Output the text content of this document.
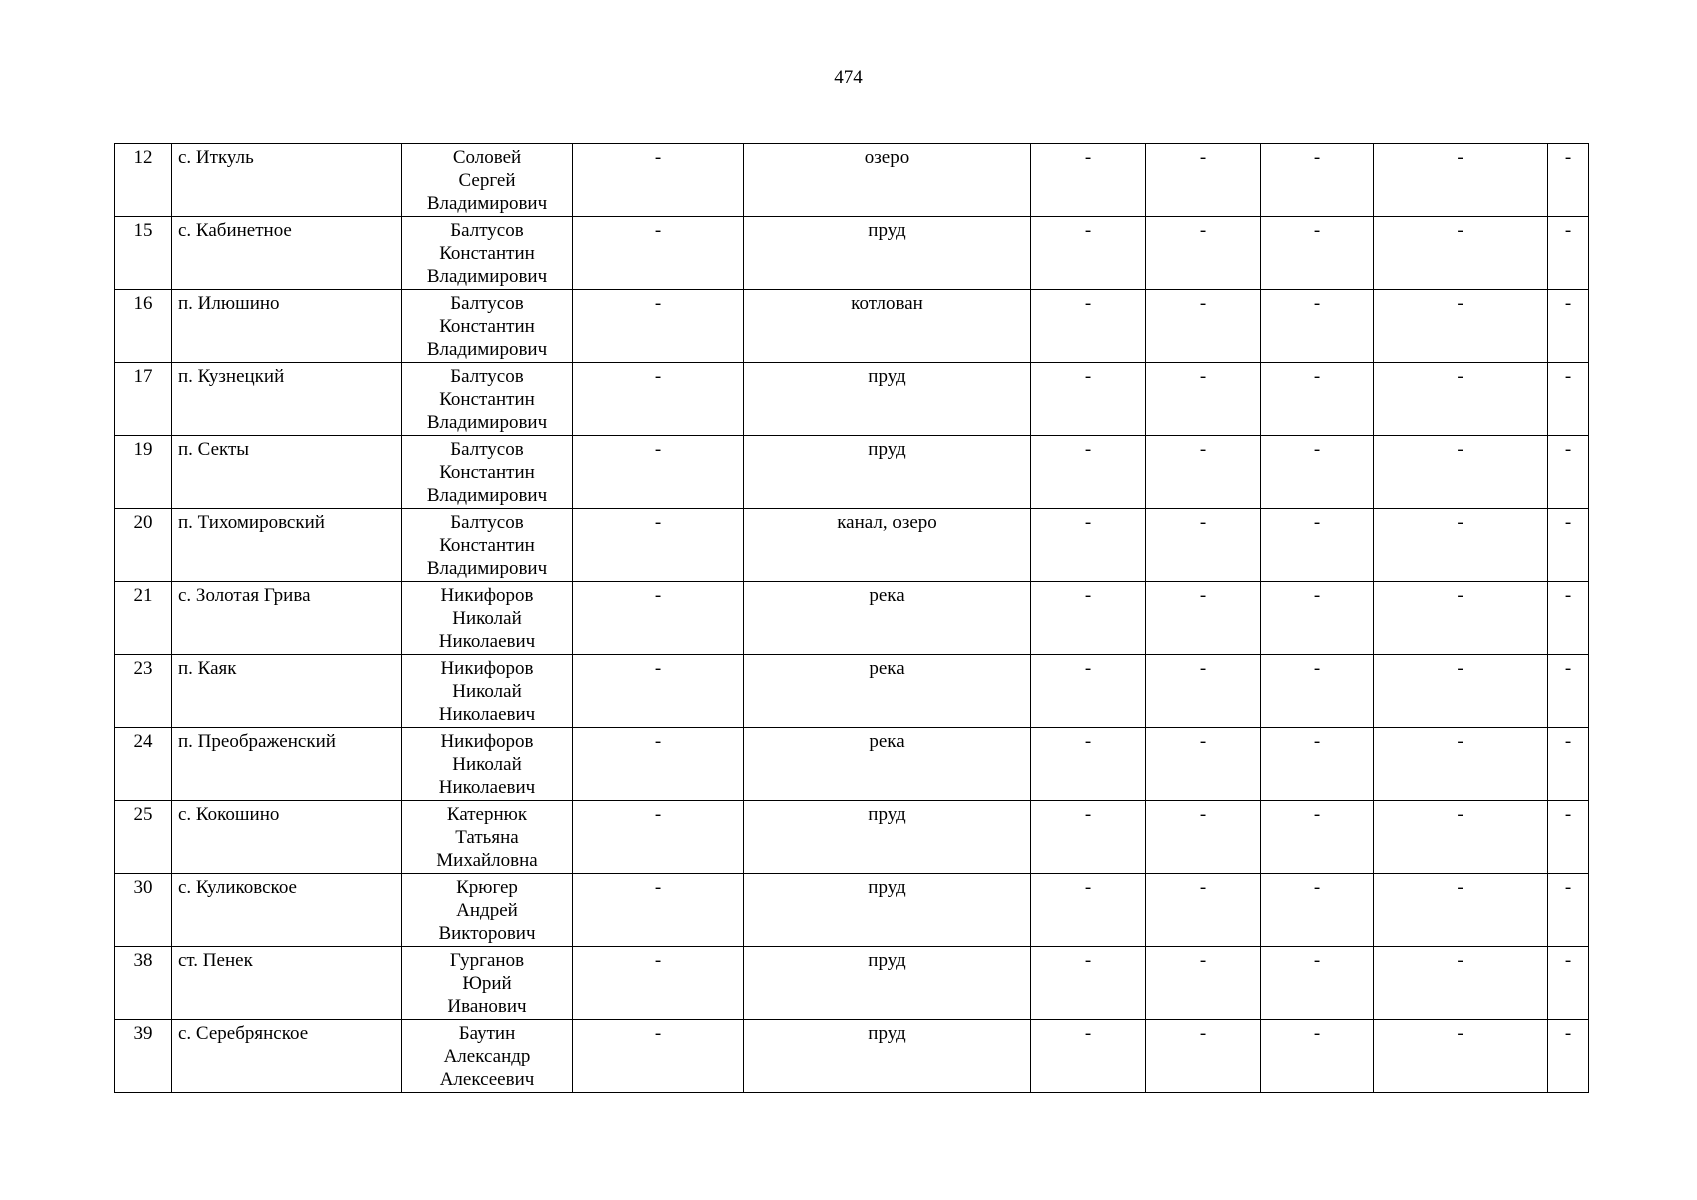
474
12	с. Иткуль	Соловей
Сергей
Владимирович	-	озеро	-	-	-	-	-
15	с. Кабинетное	Балтусов
Константин
Владимирович	-	пруд	-	-	-	-	-
16	п. Илюшино	Балтусов
Константин
Владимирович	-	котлован	-	-	-	-	-
17	п. Кузнецкий	Балтусов
Константин
Владимирович	-	пруд	-	-	-	-	-
19	п. Секты	Балтусов
Константин
Владимирович	-	пруд	-	-	-	-	-
20	п. Тихомировский	Балтусов
Константин
Владимирович	-	канал, озеро	-	-	-	-	-
21	с. Золотая Грива	Никифоров
Николай
Николаевич	-	река	-	-	-	-	-
23	п. Каяк	Никифоров
Николай
Николаевич	-	река	-	-	-	-	-
24	п. Преображенский	Никифоров
Николай
Николаевич	-	река	-	-	-	-	-
25	с. Кокошино	Катернюк
Татьяна
Михайловна	-	пруд	-	-	-	-	-
30	с. Куликовское	Крюгер
Андрей
Викторович	-	пруд	-	-	-	-	-
38	ст. Пенек	Гурганов
Юрий
Иванович	-	пруд	-	-	-	-	-
39	с. Серебрянское	Баутин
Александр
Алексеевич	-	пруд	-	-	-	-	-
